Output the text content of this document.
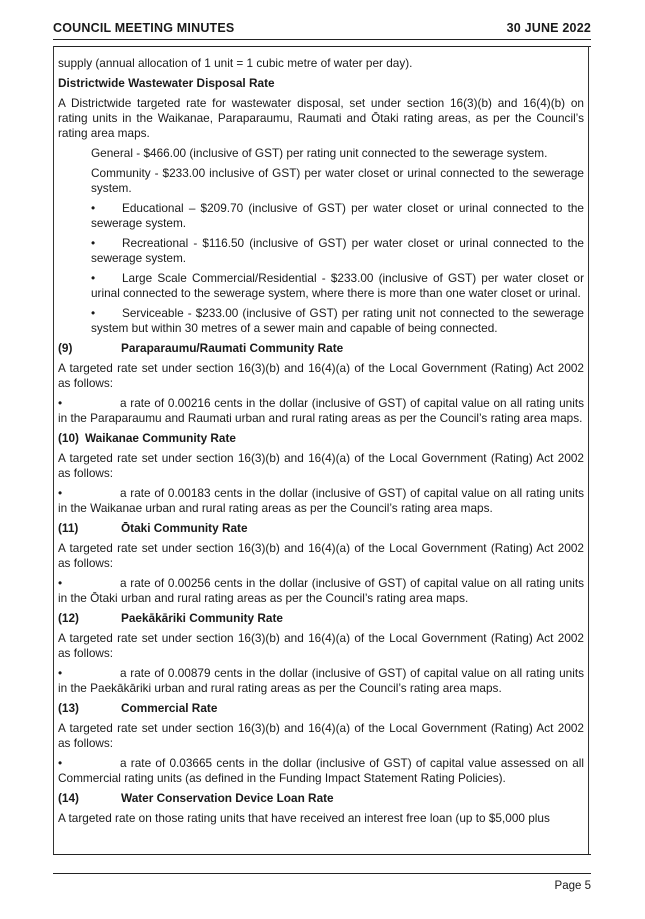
COUNCIL MEETING MINUTES	30 JUNE 2022

supply (annual allocation of 1 unit = 1 cubic metre of water per day).

Districtwide Wastewater Disposal Rate

A Districtwide targeted rate for wastewater disposal, set under section 16(3)(b) and 16(4)(b) on rating units in the Waikanae, Paraparaumu, Raumati and Ōtaki rating areas, as per the Council’s rating area maps.

General - $466.00 (inclusive of GST) per rating unit connected to the sewerage system.

Community - $233.00 inclusive of GST) per water closet or urinal connected to the sewerage system.

• Educational – $209.70 (inclusive of GST) per water closet or urinal connected to the sewerage system.

• Recreational - $116.50 (inclusive of GST) per water closet or urinal connected to the sewerage system.

• Large Scale Commercial/Residential - $233.00 (inclusive of GST) per water closet or urinal connected to the sewerage system, where there is more than one water closet or urinal.

• Serviceable - $233.00 (inclusive of GST) per rating unit not connected to the sewerage system but within 30 metres of a sewer main and capable of being connected.

(9)	Paraparaumu/Raumati Community Rate

A targeted rate set under section 16(3)(b) and 16(4)(a) of the Local Government (Rating) Act 2002 as follows:

•	a rate of 0.00216 cents in the dollar (inclusive of GST) of capital value on all rating units in the Paraparaumu and Raumati urban and rural rating areas as per the Council’s rating area maps.

(10) Waikanae Community Rate

A targeted rate set under section 16(3)(b) and 16(4)(a) of the Local Government (Rating) Act 2002 as follows:

•	a rate of 0.00183 cents in the dollar (inclusive of GST) of capital value on all rating units in the Waikanae urban and rural rating areas as per the Council’s rating area maps.

(11)	Ōtaki Community Rate

A targeted rate set under section 16(3)(b) and 16(4)(a) of the Local Government (Rating) Act 2002 as follows:

•	a rate of 0.00256 cents in the dollar (inclusive of GST) of capital value on all rating units in the Ōtaki urban and rural rating areas as per the Council’s rating area maps.

(12)	Paekākāriki Community Rate

A targeted rate set under section 16(3)(b) and 16(4)(a) of the Local Government (Rating) Act 2002 as follows:

•	a rate of 0.00879 cents in the dollar (inclusive of GST) of capital value on all rating units in the Paekākāriki urban and rural rating areas as per the Council’s rating area maps.

(13)	Commercial Rate

A targeted rate set under section 16(3)(b) and 16(4)(a) of the Local Government (Rating) Act 2002 as follows:

•	a rate of 0.03665 cents in the dollar (inclusive of GST) of capital value assessed on all Commercial rating units (as defined in the Funding Impact Statement Rating Policies).

(14)	Water Conservation Device Loan Rate

A targeted rate on those rating units that have received an interest free loan (up to $5,000 plus

Page 5
